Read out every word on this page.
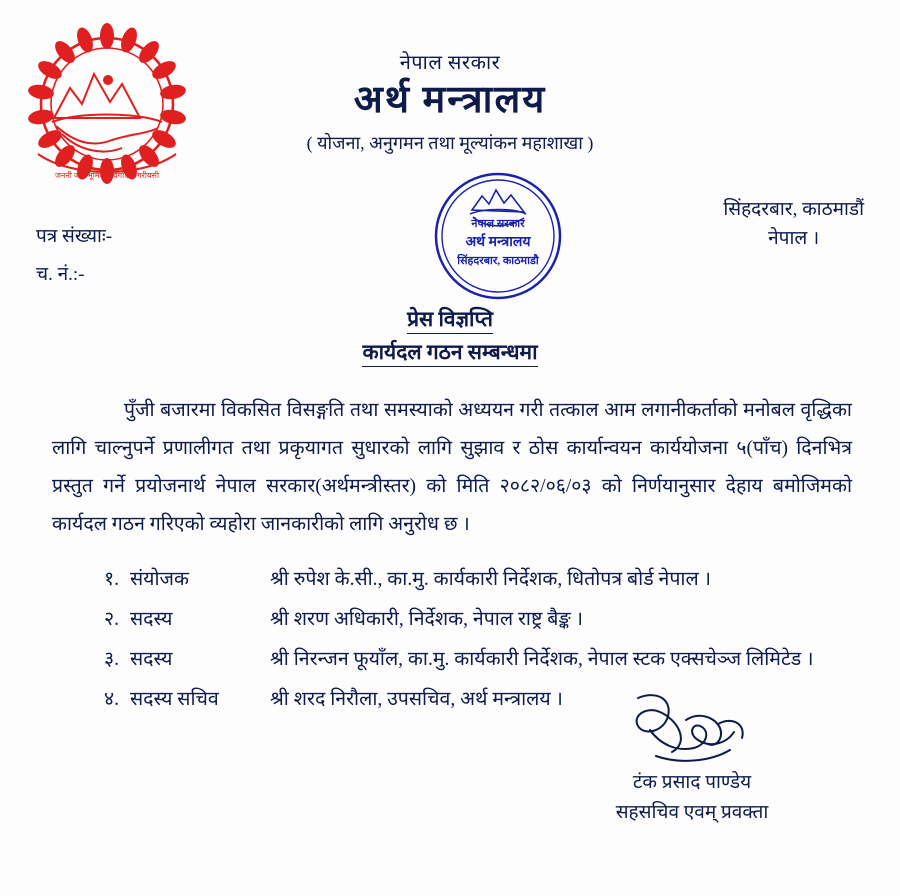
जननी जन्मभूमिश्च स्वर्गादपि गरीयसी
नेपाल सरकार
अर्थ मन्त्रालय
( योजना, अनुगमन तथा मूल्यांकन महाशाखा )
नेपाल सरकार
अर्थ मन्त्रालय
सिंहदरबार, काठमाडौ
सिंहदरबार, काठमाडौं
नेपाल ।
पत्र संख्याः-
च. नं.:-
प्रेस विज्ञप्ति
कार्यदल गठन सम्बन्धमा
पुँजी बजारमा विकसित विसङ्गति तथा समस्याको अध्ययन गरी तत्काल आम लगानीकर्ताको मनोबल वृद्धिका लागि चाल्नुपर्ने प्रणालीगत तथा प्रकृयागत सुधारको लागि सुझाव र ठोस कार्यान्वयन कार्ययोजना ५(पाँच) दिनभित्र प्रस्तुत गर्ने प्रयोजनार्थ नेपाल सरकार(अर्थमन्त्रीस्तर) को मिति २०८२/०६/०३ को निर्णयानुसार देहाय बमोजिमको कार्यदल गठन गरिएको व्यहोरा जानकारीको लागि अनुरोध छ ।
१. संयोजक	श्री रुपेश के.सी., का.मु. कार्यकारी निर्देशक, धितोपत्र बोर्ड नेपाल ।
२. सदस्य	श्री शरण अधिकारी, निर्देशक, नेपाल राष्ट्र बैङ्क ।
३. सदस्य	श्री निरन्जन फूयाँल, का.मु. कार्यकारी निर्देशक, नेपाल स्टक एक्सचेञ्ज लिमिटेड ।
४. सदस्य सचिव	श्री शरद निरौला, उपसचिव, अर्थ मन्त्रालय ।
टंक प्रसाद पाण्डेय
सहसचिव एवम् प्रवक्ता
